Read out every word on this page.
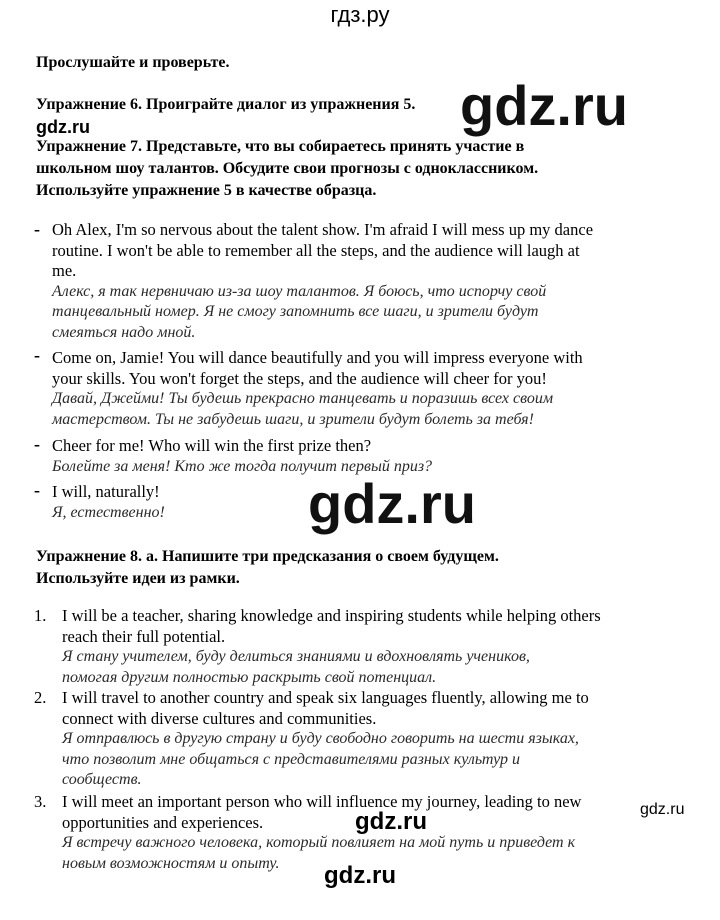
гдз.ру
gdz.ru
gdz.ru
gdz.ru
gdz.ru	gdz.ru
gdz.ru
Прослушайте и проверьте.
Упражнение 6. Проиграйте диалог из упражнения 5.
Упражнение 7. Представьте, что вы собираетесь принять участие в
школьном шоу талантов. Обсудите свои прогнозы с одноклассником.
Используйте упражнение 5 в качестве образца.
- Oh Alex, I'm so nervous about the talent show. I'm afraid I will mess up my dance
routine. I won't be able to remember all the steps, and the audience will laugh at
me.
Алекс, я так нервничаю из-за шоу талантов. Я боюсь, что испорчу свой
танцевальный номер. Я не смогу запомнить все шаги, и зрители будут
смеяться надо мной.
- Come on, Jamie! You will dance beautifully and you will impress everyone with
your skills. You won't forget the steps, and the audience will cheer for you!
Давай, Джейми! Ты будешь прекрасно танцевать и поразишь всех своим
мастерством. Ты не забудешь шаги, и зрители будут болеть за тебя!
- Cheer for me! Who will win the first prize then?
Болейте за меня! Кто же тогда получит первый приз?
- I will, naturally!
Я, естественно!
Упражнение 8. а. Напишите три предсказания о своем будущем.
Используйте идеи из рамки.
1. I will be a teacher, sharing knowledge and inspiring students while helping others
reach their full potential.
Я стану учителем, буду делиться знаниями и вдохновлять учеников,
помогая другим полностью раскрыть свой потенциал.
2. I will travel to another country and speak six languages fluently, allowing me to
connect with diverse cultures and communities.
Я отправлюсь в другую страну и буду свободно говорить на шести языках,
что позволит мне общаться с представителями разных культур и
сообществ.
3. I will meet an important person who will influence my journey, leading to new
opportunities and experiences.
Я встречу важного человека, который повлияет на мой путь и приведет к
новым возможностям и опыту.
